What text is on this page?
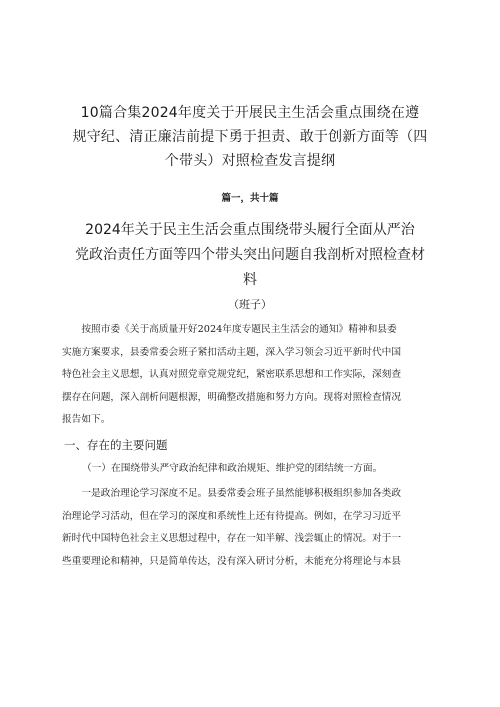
10篇合集2024年度关于开展民主生活会重点围绕在遵
规守纪、清正廉洁前提下勇于担责、敢于创新方面等（四
个带头）对照检查发言提纲
篇一，共十篇
2024年关于民主生活会重点围绕带头履行全面从严治
党政治责任方面等四个带头突出问题自我剖析对照检查材
料
（班子）

　　按照市委《关于高质量开好2024年度专题民主生活会的通知》精神和县委
实施方案要求，县委常委会班子紧扣活动主题，深入学习领会习近平新时代中国
特色社会主义思想，认真对照党章党规党纪，紧密联系思想和工作实际，深刻查
摆存在问题，深入剖析问题根源，明确整改措施和努力方向。现将对照检查情况
报告如下。

一、存在的主要问题
（一）在围绕带头严守政治纪律和政治规矩、维护党的团结统一方面。

　　一是政治理论学习深度不足。县委常委会班子虽然能够积极组织参加各类政
治理论学习活动，但在学习的深度和系统性上还有待提高。例如，在学习习近平
新时代中国特色社会主义思想过程中，存在一知半解、浅尝辄止的情况。对于一
些重要理论和精神，只是简单传达，没有深入研讨分析，未能充分将理论与本县
